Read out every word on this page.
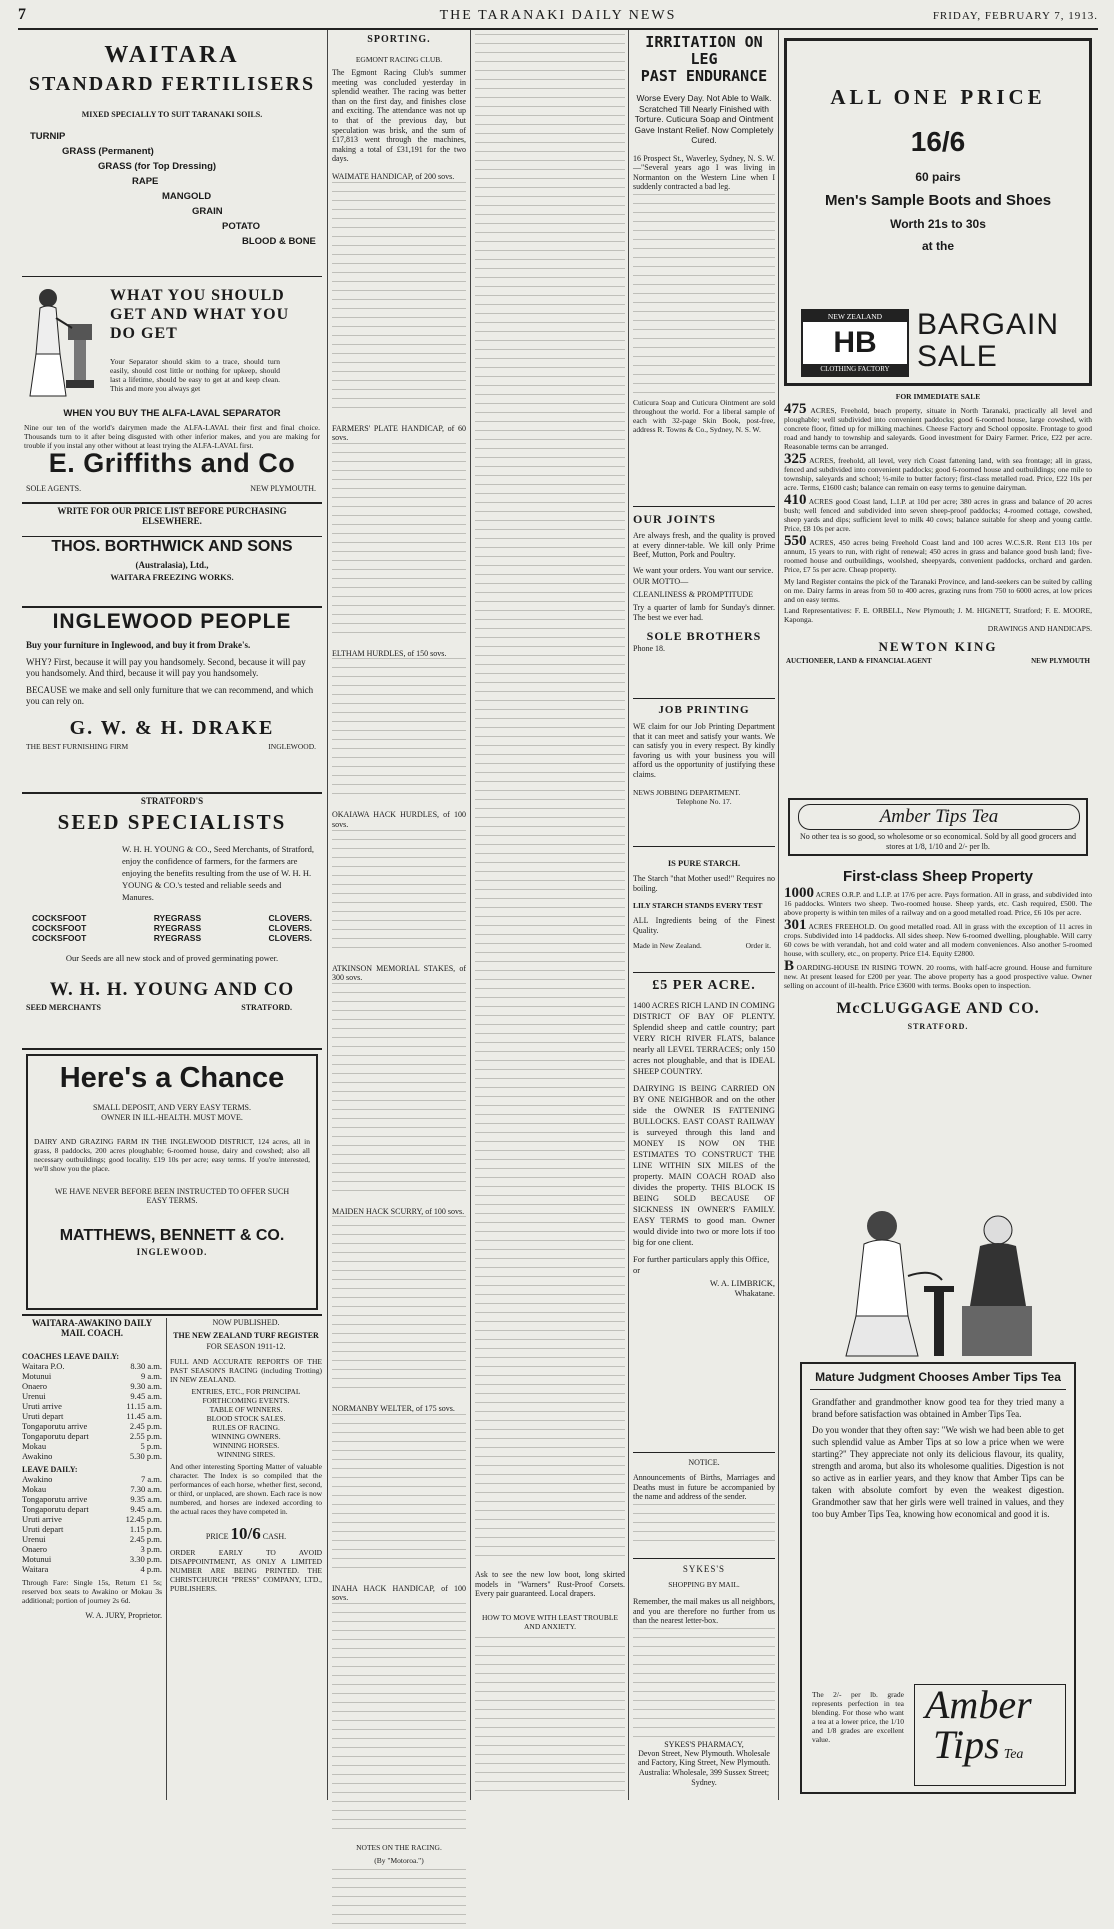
7	THE TARANAKI DAILY NEWS	FRIDAY, FEBRUARY 7, 1913.
WAITARA
STANDARD FERTILISERS
MIXED SPECIALLY TO SUIT TARANAKI SOILS.
TURNIP
GRASS (Permanent)
GRASS (for Top Dressing)
RAPE
MANGOLD
GRAIN
POTATO
BLOOD & BONE
WHAT YOU SHOULD
GET AND WHAT YOU
DO GET
Your Separator should skim to a trace, should turn easily, should cost little or nothing for upkeep, should last a lifetime, should be easy to get at and keep clean. This and more you always get
WHEN YOU BUY THE ALFA-LAVAL SEPARATOR
Nine our ten of the world's dairymen made the ALFA-LAVAL their first and final choice. Thousands turn to it after being disgusted with other inferior makes, and you are making for trouble if you instal any other without at least trying the ALFA-LAVAL first.
E. Griffiths and Co
SOLE AGENTS.	NEW PLYMOUTH.
WRITE FOR OUR PRICE LIST BEFORE PURCHASING ELSEWHERE.
THOS. BORTHWICK AND SONS
(Australasia), Ltd.,
WAITARA FREEZING WORKS.
INGLEWOOD PEOPLE
Buy your furniture in Inglewood, and buy it from Drake's.
WHY? First, because it will pay you handsomely. Second, because it will pay you handsomely. And third, because it will pay you handsomely.
BECAUSE we make and sell only furniture that we can recommend, and which you can rely on.
G. W. & H. DRAKE
THE BEST FURNISHING FIRM	INGLEWOOD.
STRATFORD'S
SEED SPECIALISTS
W. H. H. YOUNG & CO., Seed Merchants, of Stratford, enjoy the confidence of farmers, for the farmers are enjoying the benefits resulting from the use of W. H. H. YOUNG & CO.'s tested and reliable seeds and Manures.
COCKSFOOT	RYEGRASS	CLOVERS.
COCKSFOOT	RYEGRASS	CLOVERS.
COCKSFOOT	RYEGRASS	CLOVERS.
Our Seeds are all new stock and of proved germinating power.
W. H. H. YOUNG AND CO
SEED MERCHANTS	STRATFORD.
Here's a Chance
SMALL DEPOSIT, AND VERY EASY TERMS. OWNER IN ILL-HEALTH. MUST MOVE.
DAIRY AND GRAZING FARM IN THE INGLEWOOD DISTRICT, 124 acres, all in grass, 8 paddocks, 200 acres ploughable; 6-roomed house, dairy and cowshed; also all necessary outbuildings; good locality. £19 10s per acre; easy terms. If you're interested, we'll show you the place.
WE HAVE NEVER BEFORE BEEN INSTRUCTED TO OFFER SUCH EASY TERMS.
MATTHEWS, BENNETT & CO.
INGLEWOOD.
WAITARA-AWAKINO DAILY MAIL COACH.
COACHES LEAVE DAILY:
Waitara P.O.	8.30 a.m.
Motunui	9 a.m.
Onaero	9.30 a.m.
Urenui	9.45 a.m.
Uruti arrive	11.15 a.m.
Uruti depart	11.45 a.m.
Tongaporutu arrive	2.45 p.m.
Tongaporutu depart	2.55 p.m.
Mokau	5 p.m.
Awakino	5.30 p.m.
LEAVE DAILY:
Awakino	7 a.m.
Mokau	7.30 a.m.
Tongaporutu arrive	9.35 a.m.
Tongaporutu depart	9.45 a.m.
Uruti arrive	12.45 p.m.
Uruti depart	1.15 p.m.
Urenui	2.45 p.m.
Onaero	3 p.m.
Motunui	3.30 p.m.
Waitara	4 p.m.
Through Fare: Single 15s, Return £1 5s; reserved box seats to Awakino or Mokau 3s additional; portion of journey 2s 6d.
W. A. JURY, Proprietor.
NOW PUBLISHED.
THE NEW ZEALAND TURF REGISTER
FOR SEASON 1911-12.
FULL AND ACCURATE REPORTS OF THE PAST SEASON'S RACING (including Trotting) IN NEW ZEALAND.
ENTRIES, ETC., FOR PRINCIPAL FORTHCOMING EVENTS.
TABLE OF WINNERS.
BLOOD STOCK SALES.
RULES OF RACING.
WINNING OWNERS.
WINNING HORSES.
WINNING SIRES.
And other interesting Sporting Matter of valuable character. The Index is so compiled that the performances of each horse, whether first, second, or third, or unplaced, are shown. Each race is now numbered, and horses are indexed according to the actual races they have competed in.
PRICE 10/6 CASH.
ORDER EARLY TO AVOID DISAPPOINTMENT, AS ONLY A LIMITED NUMBER ARE BEING PRINTED. THE CHRISTCHURCH "PRESS" COMPANY, LTD., PUBLISHERS.
SPORTING.
EGMONT RACING CLUB.
The Egmont Racing Club's summer meeting was concluded yesterday in splendid weather. The racing was better than on the first day, and finishes close and exciting. The attendance was not up to that of the previous day, but speculation was brisk, and the sum of £17,813 went through the machines, making a total of £31,191 for the two days.
WAIMATE HANDICAP, of 200 sovs.
FARMERS' PLATE HANDICAP, of 60 sovs.
ELTHAM HURDLES, of 150 sovs.
OKAIAWA HACK HURDLES, of 100 sovs.
ATKINSON MEMORIAL STAKES, of 300 sovs.
MAIDEN HACK SCURRY, of 100 sovs.
NORMANBY WELTER, of 175 sovs.
INAHA HACK HANDICAP, of 100 sovs.
NOTES ON THE RACING.
(By "Motoroa.")
Ask to see the new low boot, long skirted models in "Warners" Rust-Proof Corsets. Every pair guaranteed. Local drapers.
HOW TO MOVE WITH LEAST TROUBLE AND ANXIETY.
IRRITATION ON LEG
PAST ENDURANCE
Worse Every Day. Not Able to Walk. Scratched Till Nearly Finished with Torture. Cuticura Soap and Ointment Gave Instant Relief. Now Completely Cured.
16 Prospect St., Waverley, Sydney, N. S. W.—"Several years ago I was living in Normanton on the Western Line when I suddenly contracted a bad leg.
Cuticura Soap and Cuticura Ointment are sold throughout the world. For a liberal sample of each with 32-page Skin Book, post-free, address R. Towns & Co., Sydney, N. S. W.
OUR JOINTS
Are always fresh, and the quality is proved at every dinner-table. We kill only Prime Beef, Mutton, Pork and Poultry.
We want your orders. You want our service.
OUR MOTTO—
CLEANLINESS & PROMPTITUDE
Try a quarter of lamb for Sunday's dinner. The best we ever had.
SOLE BROTHERS
Phone 18.
JOB PRINTING
WE claim for our Job Printing Department that it can meet and satisfy your wants. We can satisfy you in every respect. By kindly favoring us with your business you will afford us the opportunity of justifying these claims.
NEWS JOBBING DEPARTMENT.
Telephone No. 17.
IS PURE STARCH.
The Starch "that Mother used!" Requires no boiling.
LILY STARCH STANDS EVERY TEST
ALL Ingredients being of the Finest Quality.
Made in New Zealand.	Order it.
£5 PER ACRE.
1400 ACRES RICH LAND IN COMING DISTRICT OF BAY OF PLENTY. Splendid sheep and cattle country; part VERY RICH RIVER FLATS, balance nearly all LEVEL TERRACES; only 150 acres not ploughable, and that is IDEAL SHEEP COUNTRY.
DAIRYING IS BEING CARRIED ON BY ONE NEIGHBOR and on the other side the OWNER IS FATTENING BULLOCKS. EAST COAST RAILWAY is surveyed through this land and MONEY IS NOW ON THE ESTIMATES TO CONSTRUCT THE LINE WITHIN SIX MILES of the property. MAIN COACH ROAD also divides the property. THIS BLOCK IS BEING SOLD BECAUSE OF SICKNESS IN OWNER'S FAMILY. EASY TERMS to good man. Owner would divide into two or more lots if too big for one client.
For further particulars apply this Office, or
W. A. LIMBRICK,
Whakatane.
NOTICE.
Announcements of Births, Marriages and Deaths must in future be accompanied by the name and address of the sender.
SYKES'S
SHOPPING BY MAIL.
Remember, the mail makes us all neighbors, and you are therefore no further from us than the nearest letter-box.
SYKES'S PHARMACY,
Devon Street, New Plymouth. Wholesale and Factory, King Street, New Plymouth. Australia: Wholesale, 399 Sussex Street; Sydney.
ALL ONE PRICE
16/6
60 pairs
Men's Sample Boots and Shoes
Worth 21s to 30s
at the
NEW ZEALAND
HB
CLOTHING FACTORY
BARGAIN
SALE
FOR IMMEDIATE SALE
475 ACRES, Freehold, beach property, situate in North Taranaki, practically all level and ploughable; well subdivided into convenient paddocks; good 6-roomed house, large cowshed, with concrete floor, fitted up for milking machines. Cheese Factory and School opposite. Frontage to good road and handy to township and saleyards. Good investment for Dairy Farmer. Price, £22 per acre. Reasonable terms can be arranged.
325 ACRES, freehold, all level, very rich Coast fattening land, with sea frontage; all in grass, fenced and subdivided into convenient paddocks; good 6-roomed house and outbuildings; one mile to township, saleyards and school; ½-mile to butter factory; first-class metalled road. Price, £22 10s per acre. Terms, £1600 cash; balance can remain on easy terms to genuine dairyman.
410 ACRES good Coast land, L.I.P. at 10d per acre; 380 acres in grass and balance of 20 acres bush; well fenced and subdivided into seven sheep-proof paddocks; 4-roomed cottage, cowshed, sheep yards and dips; sufficient level to milk 40 cows; balance suitable for sheep and young cattle. Price, £8 10s per acre.
550 ACRES, 450 acres being Freehold Coast land and 100 acres W.C.S.R. Rent £13 10s per annum, 15 years to run, with right of renewal; 450 acres in grass and balance good bush land; five-roomed house and outbuildings, woolshed, sheepyards, convenient paddocks, orchard and garden. Price, £7 5s per acre. Cheap property.
My land Register contains the pick of the Taranaki Province, and land-seekers can be suited by calling on me. Dairy farms in areas from 50 to 400 acres, grazing runs from 750 to 6000 acres, at low prices and on easy terms.
Land Representatives: F. E. ORBELL, New Plymouth; J. M. HIGNETT, Stratford; F. E. MOORE, Kaponga.
DRAWINGS AND HANDICAPS.
NEWTON KING
AUCTIONEER, LAND & FINANCIAL AGENT	NEW PLYMOUTH
Amber Tips Tea
No other tea is so good, so wholesome or so economical. Sold by all good grocers and stores at 1/8, 1/10 and 2/- per lb.
First-class Sheep Property
1000 ACRES O.R.P. and L.I.P. at 17/6 per acre. Pays formation. All in grass, and subdivided into 16 paddocks. Winters two sheep. Two-roomed house. Sheep yards, etc. Cash required, £500. The above property is within ten miles of a railway and on a good metalled road. Price, £6 10s per acre.
301 ACRES FREEHOLD. On good metalled road. All in grass with the exception of 11 acres in crops. Subdivided into 14 paddocks. All sides sheep. New 6-roomed dwelling, ploughable. Will carry 60 cows be with verandah, hot and cold water and all modern conveniences. Also another 5-roomed house, with scullery, etc., on property. Price £14. Equity £2800.
B OARDING-HOUSE IN RISING TOWN. 20 rooms, with half-acre ground. House and furniture new. At present leased for £200 per year. The above property has a good prospective value. Owner selling on account of ill-health. Price £3600 with terms. Books open to inspection.
McCLUGGAGE AND CO.
STRATFORD.
Mature Judgment Chooses Amber Tips Tea
Grandfather and grandmother know good tea for they tried many a brand before satisfaction was obtained in Amber Tips Tea.
Do you wonder that they often say: "We wish we had been able to get such splendid value as Amber Tips at so low a price when we were starting?" They appreciate not only its delicious flavour, its quality, strength and aroma, but also its wholesome qualities. Digestion is not so active as in earlier years, and they know that Amber Tips can be taken with absolute comfort by even the weakest digestion. Grandmother saw that her girls were well trained in values, and they too buy Amber Tips Tea, knowing how economical and good it is.
The 2/- per lb. grade represents perfection in tea blending. For those who want a tea at a lower price, the 1/10 and 1/8 grades are excellent value.
Amber
Tips Tea
